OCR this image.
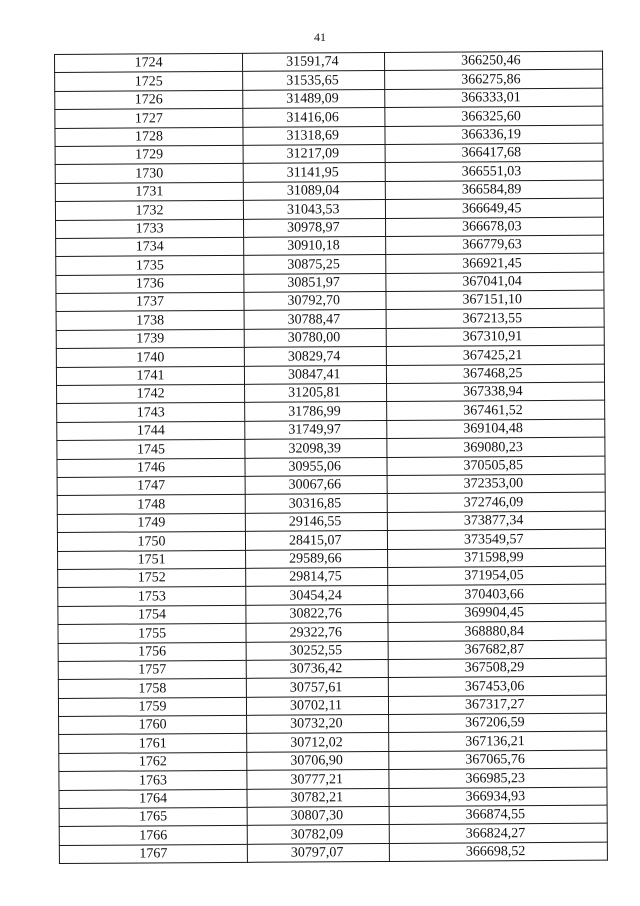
41
1724	31591,74	366250,46
1725	31535,65	366275,86
1726	31489,09	366333,01
1727	31416,06	366325,60
1728	31318,69	366336,19
1729	31217,09	366417,68
1730	31141,95	366551,03
1731	31089,04	366584,89
1732	31043,53	366649,45
1733	30978,97	366678,03
1734	30910,18	366779,63
1735	30875,25	366921,45
1736	30851,97	367041,04
1737	30792,70	367151,10
1738	30788,47	367213,55
1739	30780,00	367310,91
1740	30829,74	367425,21
1741	30847,41	367468,25
1742	31205,81	367338,94
1743	31786,99	367461,52
1744	31749,97	369104,48
1745	32098,39	369080,23
1746	30955,06	370505,85
1747	30067,66	372353,00
1748	30316,85	372746,09
1749	29146,55	373877,34
1750	28415,07	373549,57
1751	29589,66	371598,99
1752	29814,75	371954,05
1753	30454,24	370403,66
1754	30822,76	369904,45
1755	29322,76	368880,84
1756	30252,55	367682,87
1757	30736,42	367508,29
1758	30757,61	367453,06
1759	30702,11	367317,27
1760	30732,20	367206,59
1761	30712,02	367136,21
1762	30706,90	367065,76
1763	30777,21	366985,23
1764	30782,21	366934,93
1765	30807,30	366874,55
1766	30782,09	366824,27
1767	30797,07	366698,52
